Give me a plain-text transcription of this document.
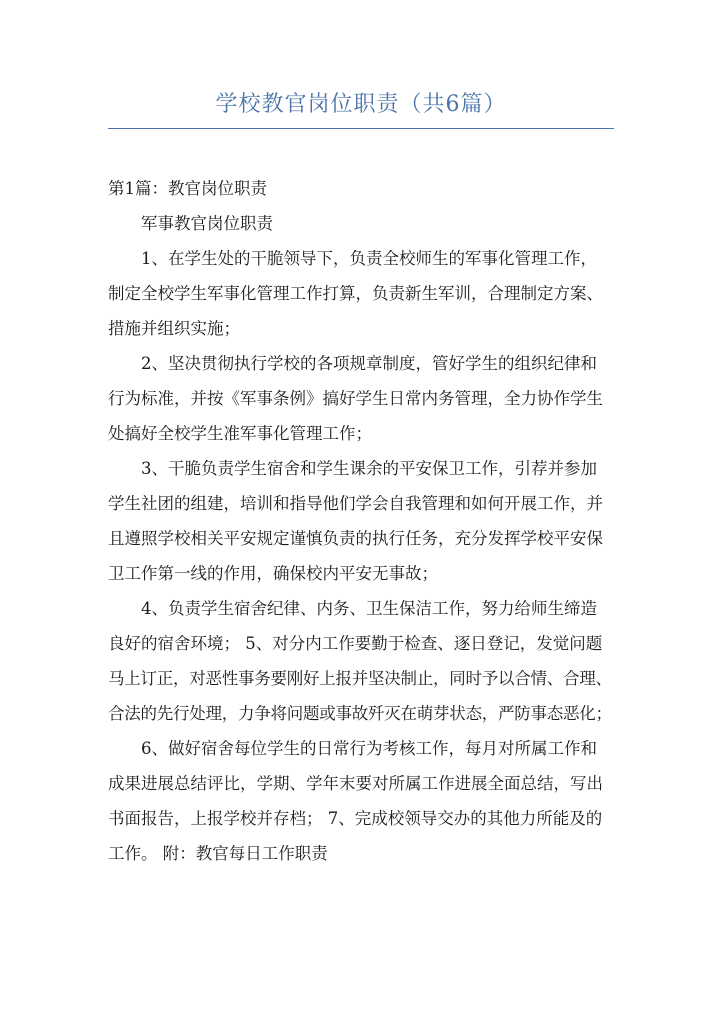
学校教官岗位职责（共6篇）

第1篇：教官岗位职责

军事教官岗位职责

1、在学生处的干脆领导下，负责全校师生的军事化管理工作，

制定全校学生军事化管理工作打算，负责新生军训，合理制定方案、

措施并组织实施；

2、坚决贯彻执行学校的各项规章制度，管好学生的组织纪律和

行为标准，并按《军事条例》搞好学生日常内务管理，全力协作学生

处搞好全校学生准军事化管理工作；

3、干脆负责学生宿舍和学生课余的平安保卫工作，引荐并参加

学生社团的组建，培训和指导他们学会自我管理和如何开展工作，并

且遵照学校相关平安规定谨慎负责的执行任务，充分发挥学校平安保

卫工作第一线的作用，确保校内平安无事故；

4、负责学生宿舍纪律、内务、卫生保洁工作，努力给师生缔造

良好的宿舍环境； 5、对分内工作要勤于检查、逐日登记，发觉问题

马上订正，对恶性事务要刚好上报并坚决制止，同时予以合情、合理、

合法的先行处理，力争将问题或事故歼灭在萌芽状态，严防事态恶化；

6、做好宿舍每位学生的日常行为考核工作，每月对所属工作和

成果进展总结评比，学期、学年末要对所属工作进展全面总结，写出

书面报告，上报学校并存档； 7、完成校领导交办的其他力所能及的

工作。 附：教官每日工作职责
